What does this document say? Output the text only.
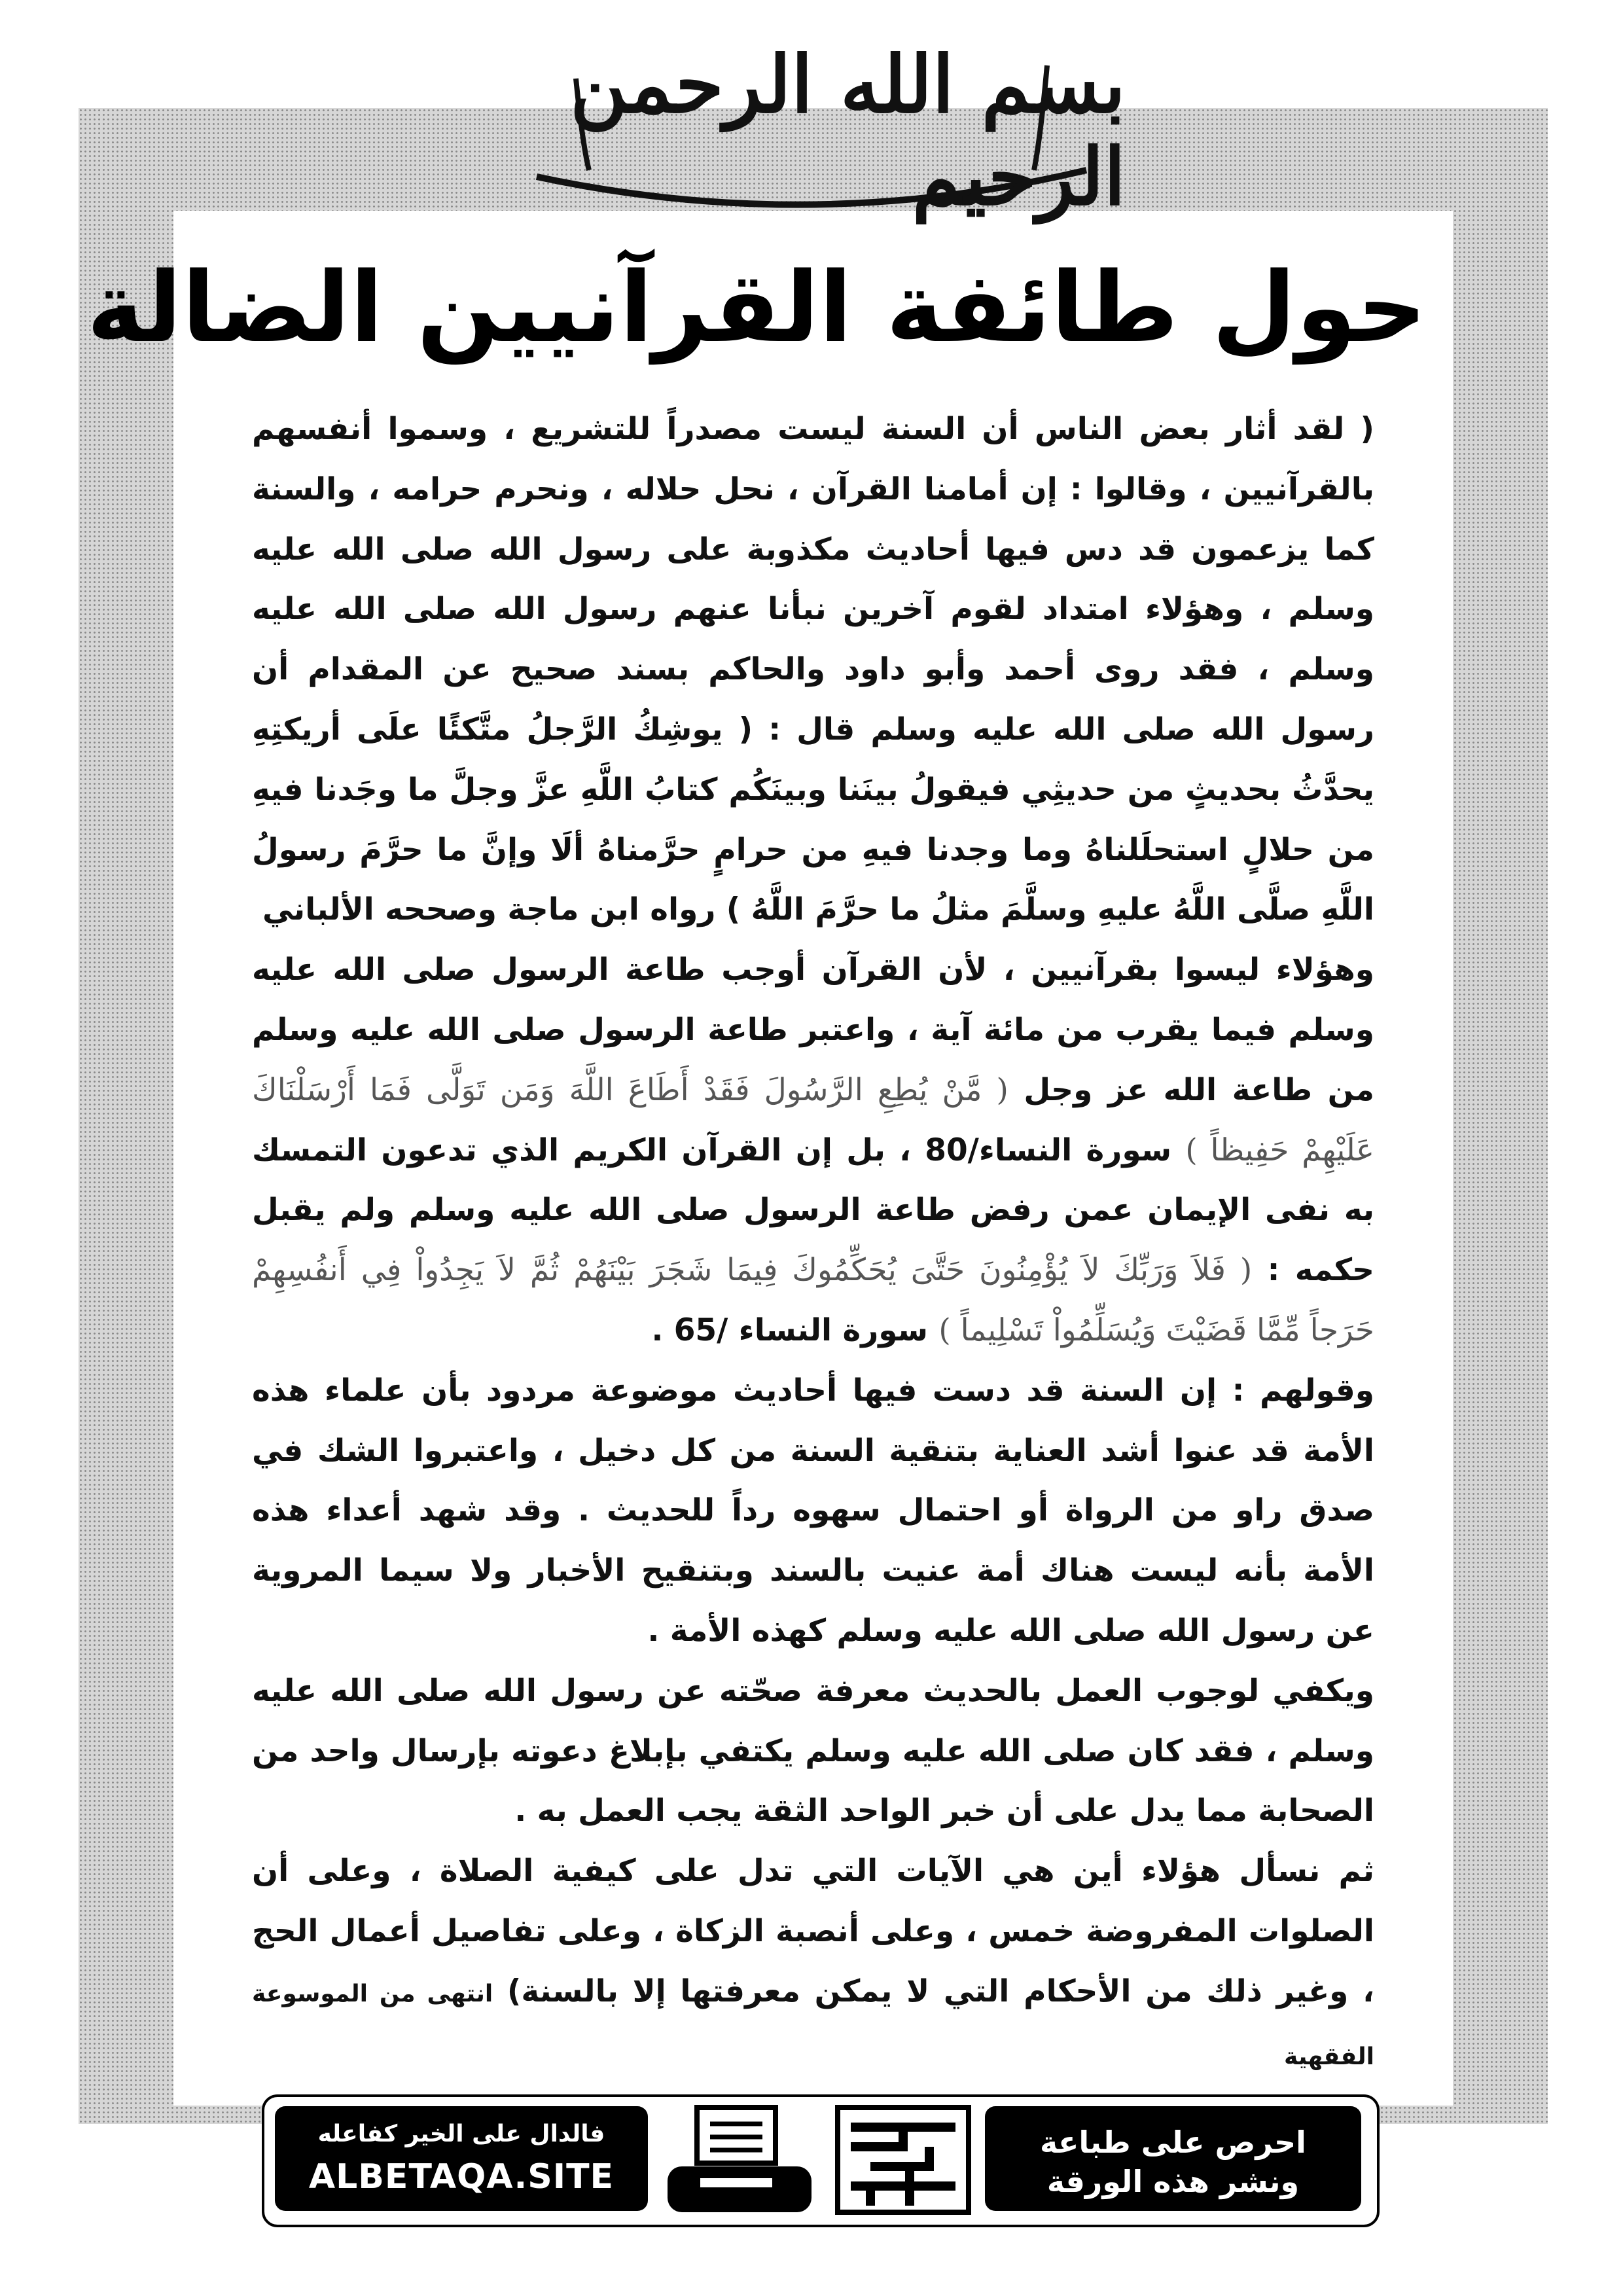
بسم الله الرحمن الرحيم
حول طائفة القرآنيين الضالة

( لقد أثار بعض الناس أن السنة ليست مصدراً للتشريع ، وسموا أنفسهم بالقرآنيين ، وقالوا : إن أمامنا القرآن ، نحل حلاله ، ونحرم حرامه ، والسنة كما يزعمون قد دس فيها أحاديث مكذوبة على رسول الله صلى الله عليه وسلم ، وهؤلاء امتداد لقوم آخرين نبأنا عنهم رسول الله صلى الله عليه وسلم ، فقد روى أحمد وأبو داود والحاكم بسند صحيح عن المقدام أن رسول الله صلى الله عليه وسلم قال : ( يوشِكُ الرَّجلُ متَّكئًا علَى أريكتِهِ يحدَّثُ بحديثٍ من حديثِي فيقولُ بينَنا وبينَكُم كتابُ اللَّهِ عزَّ وجلَّ ما وجَدنا فيهِ من حلالٍ استحلَلناهُ وما وجدنا فيهِ من حرامٍ حرَّمناهُ ألَا وإنَّ ما حرَّمَ رسولُ اللَّهِ صلَّى اللَّهُ عليهِ وسلَّمَ مثلُ ما حرَّمَ اللَّهُ ) رواه ابن ماجة وصححه الألباني

وهؤلاء ليسوا بقرآنيين ، لأن القرآن أوجب طاعة الرسول صلى الله عليه وسلم فيما يقرب من مائة آية ، واعتبر طاعة الرسول صلى الله عليه وسلم من طاعة الله عز وجل ( مَّنْ يُطِعِ الرَّسُولَ فَقَدْ أَطَاعَ اللَّهَ وَمَن تَوَلَّى فَمَا أَرْسَلْنَاكَ عَلَيْهِمْ حَفِيظاً ) سورة النساء/80 ، بل إن القرآن الكريم الذي تدعون التمسك به نفى الإيمان عمن رفض طاعة الرسول صلى الله عليه وسلم ولم يقبل حكمه : ( فَلاَ وَرَبِّكَ لاَ يُؤْمِنُونَ حَتَّىَ يُحَكِّمُوكَ فِيمَا شَجَرَ بَيْنَهُمْ ثُمَّ لاَ يَجِدُواْ فِي أَنفُسِهِمْ حَرَجاً مِّمَّا قَضَيْتَ وَيُسَلِّمُواْ تَسْلِيماً ) سورة النساء /65 .

وقولهم : إن السنة قد دست فيها أحاديث موضوعة مردود بأن علماء هذه الأمة قد عنوا أشد العناية بتنقية السنة من كل دخيل ، واعتبروا الشك في صدق راو من الرواة أو احتمال سهوه رداً للحديث . وقد شهد أعداء هذه الأمة بأنه ليست هناك أمة عنيت بالسند وبتنقيح الأخبار ولا سيما المروية عن رسول الله صلى الله عليه وسلم كهذه الأمة .

ويكفي لوجوب العمل بالحديث معرفة صحّته عن رسول الله صلى الله عليه وسلم ، فقد كان صلى الله عليه وسلم يكتفي بإبلاغ دعوته بإرسال واحد من الصحابة مما يدل على أن خبر الواحد الثقة يجب العمل به .

ثم نسأل هؤلاء أين هي الآيات التي تدل على كيفية الصلاة ، وعلى أن الصلوات المفروضة خمس ، وعلى أنصبة الزكاة ، وعلى تفاصيل أعمال الحج ، وغير ذلك من الأحكام التي لا يمكن معرفتها إلا بالسنة) انتهى من الموسوعة الفقهية

فالدال على الخير كفاعله
ALBETAQA.SITE
احرص على طباعة
ونشر هذه الورقة
